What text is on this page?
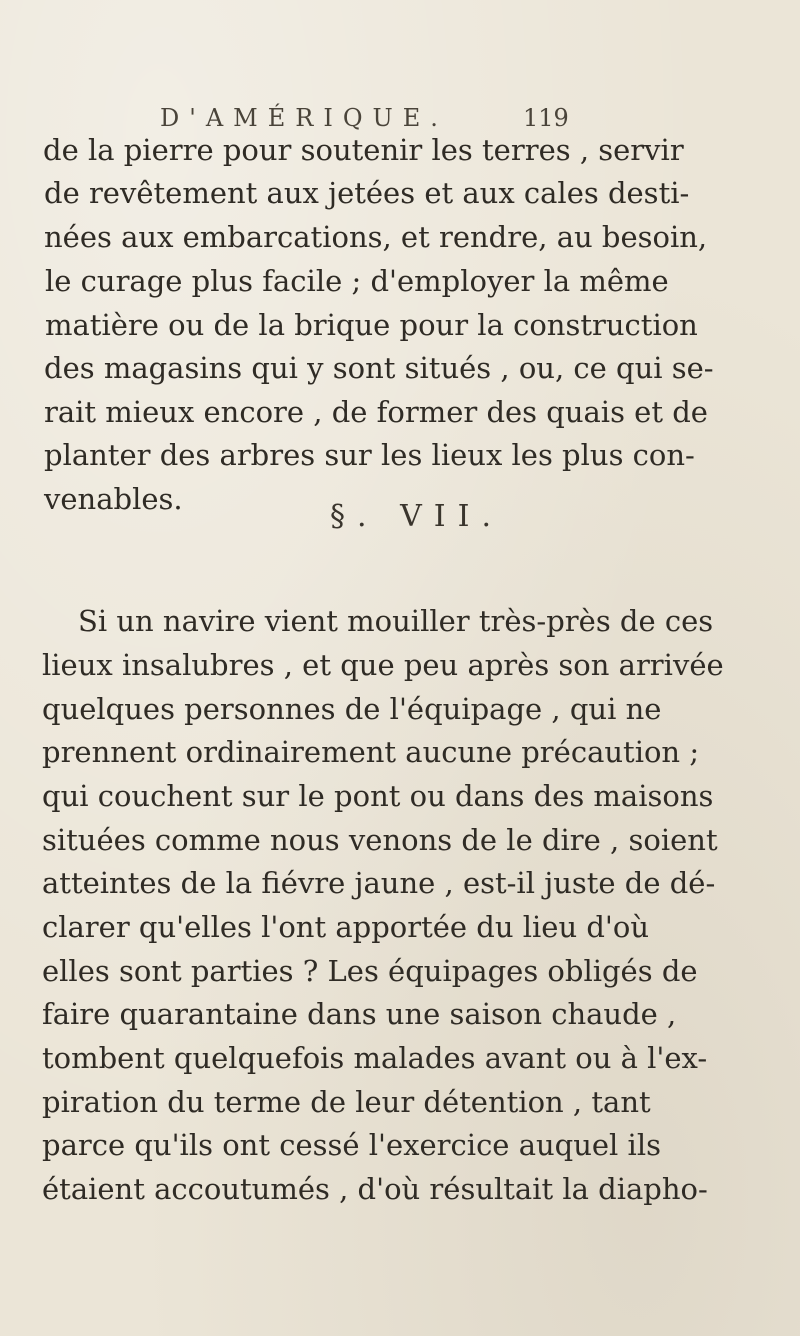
D'AMÉRIQUE.	119
de la pierre pour soutenir les terres , servir
de revêtement aux jetées et aux cales desti-
nées aux embarcations, et rendre, au besoin,
le curage plus facile ; d'employer la même
matière ou de la brique pour la construction
des magasins qui y sont situés , ou, ce qui se-
rait mieux encore , de former des quais et de
planter des arbres sur les lieux les plus con-
venables.	§. VII.
Si un navire vient mouiller très-près de ces
lieux insalubres , et que peu après son arrivée
quelques personnes de l'équipage , qui ne
prennent ordinairement aucune précaution ;
qui couchent sur le pont ou dans des maisons
situées comme nous venons de le dire , soient
atteintes de la fiévre jaune , est-il juste de dé-
clarer qu'elles l'ont apportée du lieu d'où
elles sont parties ? Les équipages obligés de
faire quarantaine dans une saison chaude ,
tombent quelquefois malades avant ou à l'ex-
piration du terme de leur détention , tant
parce qu'ils ont cessé l'exercice auquel ils
étaient accoutumés , d'où résultait la diapho-
